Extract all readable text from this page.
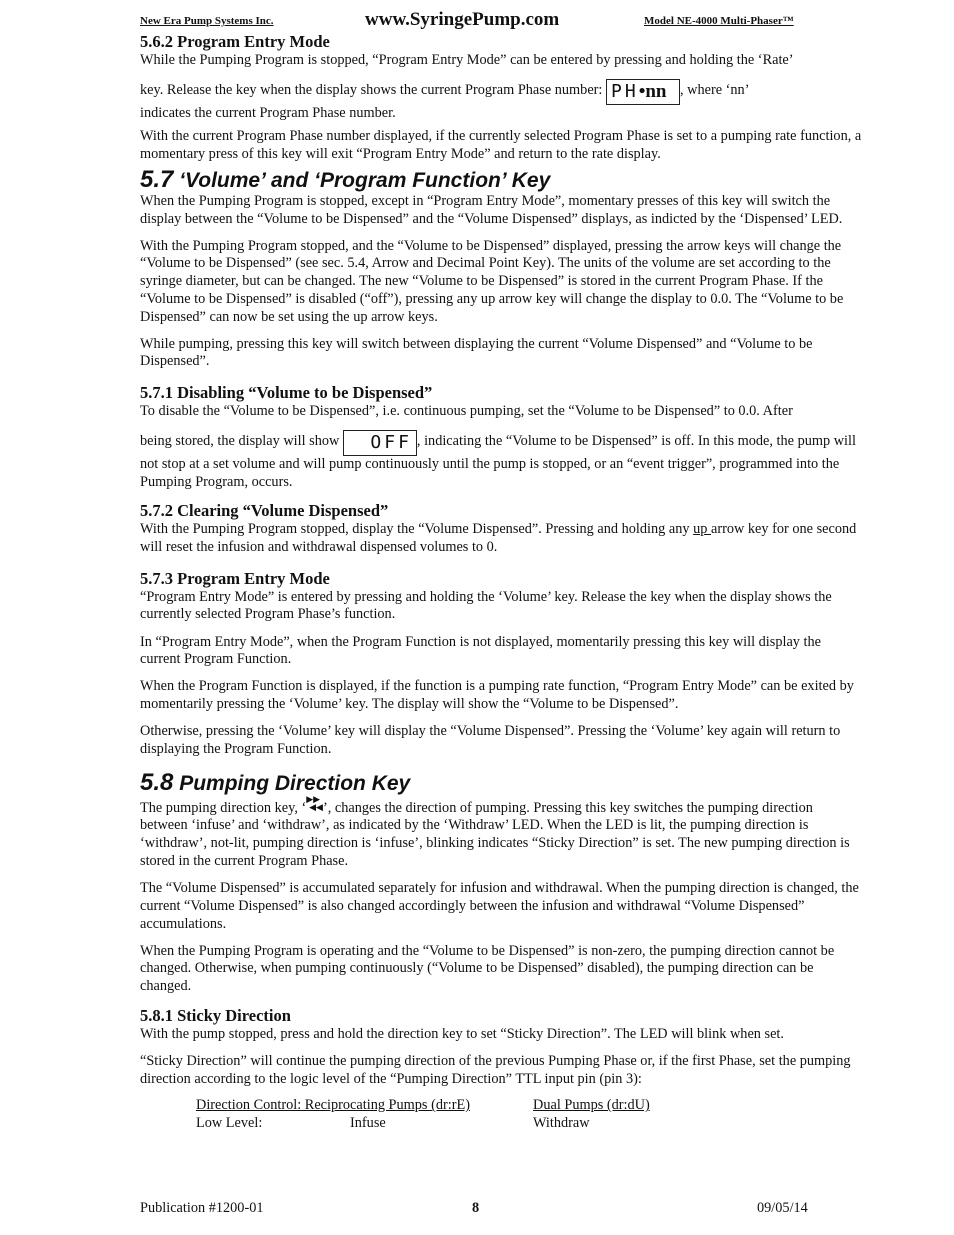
New Era Pump Systems Inc.	www.SyringePump.com	Model NE-4000 Multi-Phaser™
5.6.2 Program Entry Mode

While the Pumping Program is stopped, “Program Entry Mode” can be entered by pressing and holding the ‘Rate’
key. Release the key when the display shows the current Program Phase number: PH•nn , where ‘nn’
indicates the current Program Phase number.

With the current Program Phase number displayed, if the currently selected Program Phase is set to a pumping rate function, a momentary press of this key will exit “Program Entry Mode” and return to the rate display.

5.7 ‘Volume’ and ‘Program Function’ Key

When the Pumping Program is stopped, except in “Program Entry Mode”, momentary presses of this key will switch the display between the “Volume to be Dispensed” and the “Volume Dispensed” displays, as indicted by the ‘Dispensed’ LED.

With the Pumping Program stopped, and the “Volume to be Dispensed” displayed, pressing the arrow keys will change the “Volume to be Dispensed” (see sec. 5.4, Arrow and Decimal Point Key). The units of the volume are set according to the syringe diameter, but can be changed. The new “Volume to be Dispensed” is stored in the current Program Phase. If the “Volume to be Dispensed” is disabled (“off”), pressing any up arrow key will change the display to 0.0. The “Volume to be Dispensed” can now be set using the up arrow keys.

While pumping, pressing this key will switch between displaying the current “Volume Dispensed” and “Volume to be Dispensed”.

5.7.1 Disabling “Volume to be Dispensed”

To disable the “Volume to be Dispensed”, i.e. continuous pumping, set the “Volume to be Dispensed” to 0.0. After
being stored, the display will show OFF , indicating the “Volume to be Dispensed” is off. In this mode, the pump will not stop at a set volume and will pump continuously until the pump is stopped, or an “event trigger”, programmed into the Pumping Program, occurs.

5.7.2 Clearing “Volume Dispensed”

With the Pumping Program stopped, display the “Volume Dispensed”. Pressing and holding any up arrow key for one second will reset the infusion and withdrawal dispensed volumes to 0.

5.7.3 Program Entry Mode

“Program Entry Mode” is entered by pressing and holding the ‘Volume’ key. Release the key when the display shows the currently selected Program Phase’s function.

In “Program Entry Mode”, when the Program Function is not displayed, momentarily pressing this key will display the current Program Function.

When the Program Function is displayed, if the function is a pumping rate function, “Program Entry Mode” can be exited by momentarily pressing the ‘Volume’ key. The display will show the “Volume to be Dispensed”.

Otherwise, pressing the ‘Volume’ key will display the “Volume Dispensed”. Pressing the ‘Volume’ key again will return to displaying the Program Function.

5.8 Pumping Direction Key

The pumping direction key, ‘▶▶
◀◀’, changes the direction of pumping. Pressing this key switches the pumping direction between ‘infuse’ and ‘withdraw’, as indicated by the ‘Withdraw’ LED. When the LED is lit, the pumping direction is ‘withdraw’, not-lit, pumping direction is ‘infuse’, blinking indicates “Sticky Direction” is set. The new pumping direction is stored in the current Program Phase.

The “Volume Dispensed” is accumulated separately for infusion and withdrawal. When the pumping direction is changed, the current “Volume Dispensed” is also changed accordingly between the infusion and withdrawal “Volume Dispensed” accumulations.

When the Pumping Program is operating and the “Volume to be Dispensed” is non-zero, the pumping direction cannot be changed. Otherwise, when pumping continuously (“Volume to be Dispensed” disabled), the pumping direction can be changed.

5.8.1 Sticky Direction

With the pump stopped, press and hold the direction key to set “Sticky Direction”. The LED will blink when set.

“Sticky Direction” will continue the pumping direction of the previous Pumping Phase or, if the first Phase, set the pumping direction according to the logic level of the “Pumping Direction” TTL input pin (pin 3):

Direction Control: Reciprocating Pumps (dr:rE)	Dual Pumps (dr:dU)
Low Level:	Infuse	Withdraw
Publication #1200-01	8	09/05/14
